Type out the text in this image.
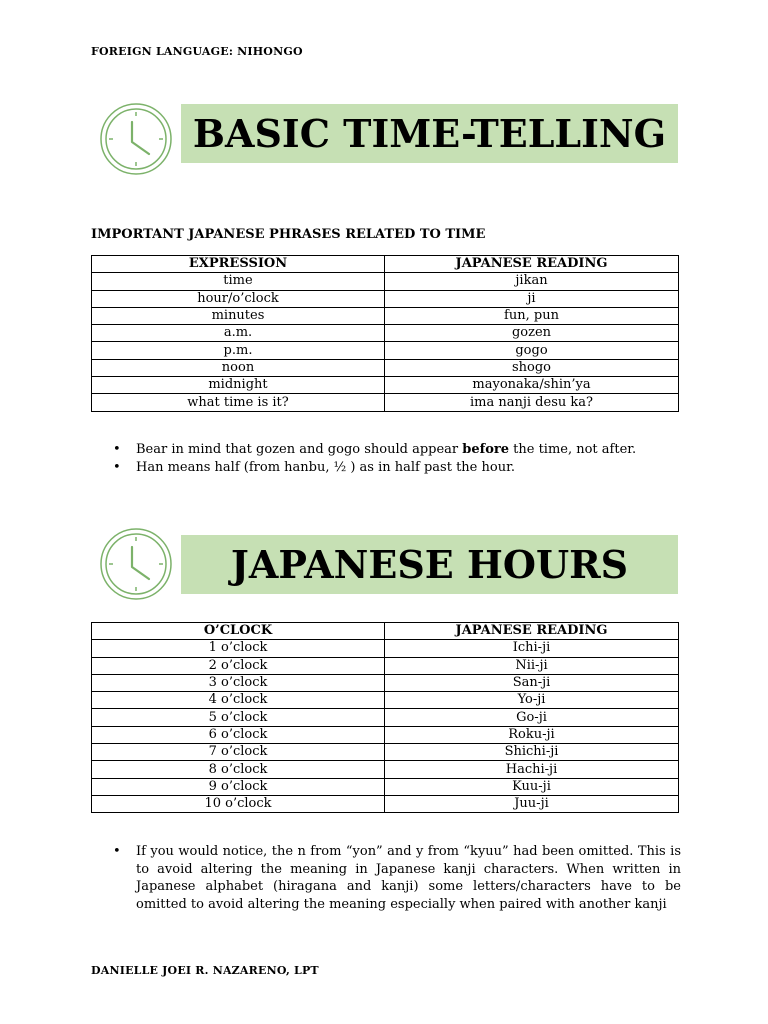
FOREIGN LANGUAGE: NIHONGO
BASIC TIME-TELLING
IMPORTANT JAPANESE PHRASES RELATED TO TIME
EXPRESSION	JAPANESE READING
time	jikan
hour/o’clock	ji
minutes	fun, pun
a.m.	gozen
p.m.	gogo
noon	shogo
midnight	mayonaka/shin’ya
what time is it?	ima nanji desu ka?
• Bear in mind that gozen and gogo should appear before the time, not after.
• Han means half (from hanbu, ½ ) as in half past the hour.
JAPANESE HOURS
O’CLOCK	JAPANESE READING
1 o’clock	Ichi-ji
2 o’clock	Nii-ji
3 o’clock	San-ji
4 o’clock	Yo-ji
5 o’clock	Go-ji
6 o’clock	Roku-ji
7 o’clock	Shichi-ji
8 o’clock	Hachi-ji
9 o’clock	Kuu-ji
10 o’clock	Juu-ji
• If you would notice, the n from “yon” and y from “kyuu” had been omitted. This is to avoid altering the meaning in Japanese kanji characters. When written in Japanese alphabet (hiragana and kanji) some letters/characters have to be omitted to avoid altering the meaning especially when paired with another kanji
DANIELLE JOEI R. NAZARENO, LPT
